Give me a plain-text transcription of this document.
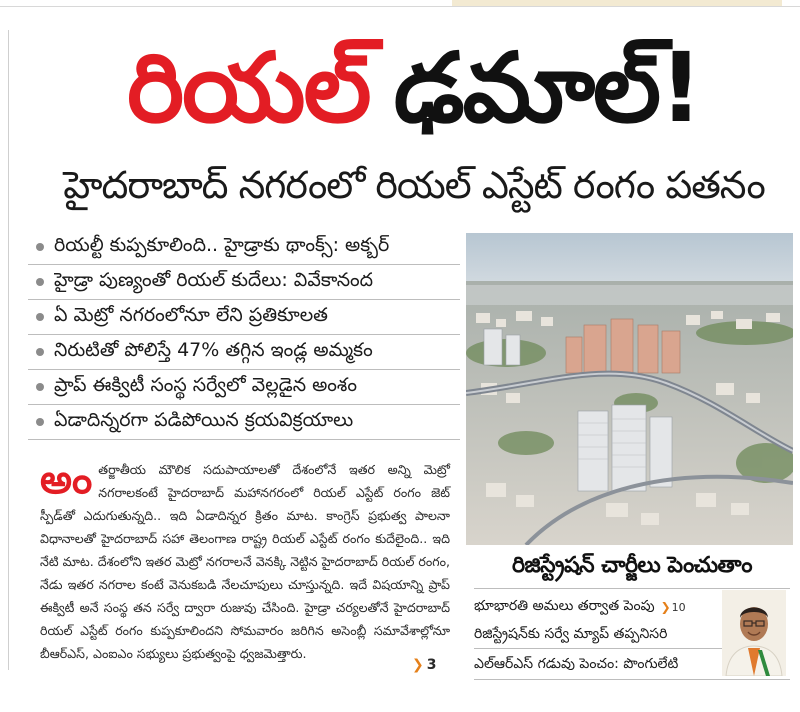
రియల్ ఢమాల్!
హైదరాబాద్ నగరంలో రియల్ ఎస్టేట్ రంగం పతనం
రియల్టీ కుప్పకూలింది.. హైడ్రాకు థాంక్స్: అక్బర్
హైడ్రా పుణ్యంతో రియల్ కుదేలు: వివేకానంద
ఏ మెట్రో నగరంలోనూ లేని ప్రతికూలత
నిరుటితో పోలిస్తే 47% తగ్గిన ఇండ్ల అమ్మకం
ప్రాప్ ఈక్విటీ సంస్థ సర్వేలో వెల్లడైన అంశం
ఏడాదిన్నరగా పడిపోయిన క్రయవిక్రయాలు
అం తర్జాతీయ మౌలిక సదుపాయాలతో దేశంలోనే ఇతర అన్ని మెట్రో నగరాలకంటే హైదరాబాద్ మహానగరంలో రియల్ ఎస్టేట్ రంగం జెట్ స్పీడ్‌తో ఎదుగుతున్నది.. ఇది ఏడాదిన్నర క్రితం మాట. కాంగ్రెస్ ప్రభుత్వ పాలనా విధానాలతో హైదరాబాద్ సహా తెలంగాణ రాష్ట్ర రియల్ ఎస్టేట్ రంగం కుదేలైంది.. ఇది నేటి మాట. దేశంలోని ఇతర మెట్రో నగరాలనే వెనక్కి నెట్టిన హైదరాబాద్ రియల్ రంగం, నేడు ఇతర నగరాల కంటే వెనుకబడి నేలచూపులు చూస్తున్నది. ఇదే విషయాన్ని ప్రాప్ ఈక్విటీ అనే సంస్థ తన సర్వే ద్వారా రుజువు చేసింది. హైడ్రా చర్యలతోనే హైదరాబాద్ రియల్ ఎస్టేట్ రంగం కుప్పకూలిందని సోమవారం జరిగిన అసెంబ్లీ సమావేశాల్లోనూ బీఆర్ఎస్, ఎంఐఎం సభ్యులు ప్రభుత్వంపై ధ్వజమెత్తారు.

❯ 3
రిజిస్ట్రేషన్ చార్జీలు పెంచుతాం
భూభారతి అమలు తర్వాత పెంపు ❯ 10
రిజిస్ట్రేషన్‌కు సర్వే మ్యాప్ తప్పనిసరి
ఎల్ఆర్ఎస్ గడువు పెంచం: పొంగులేటి
